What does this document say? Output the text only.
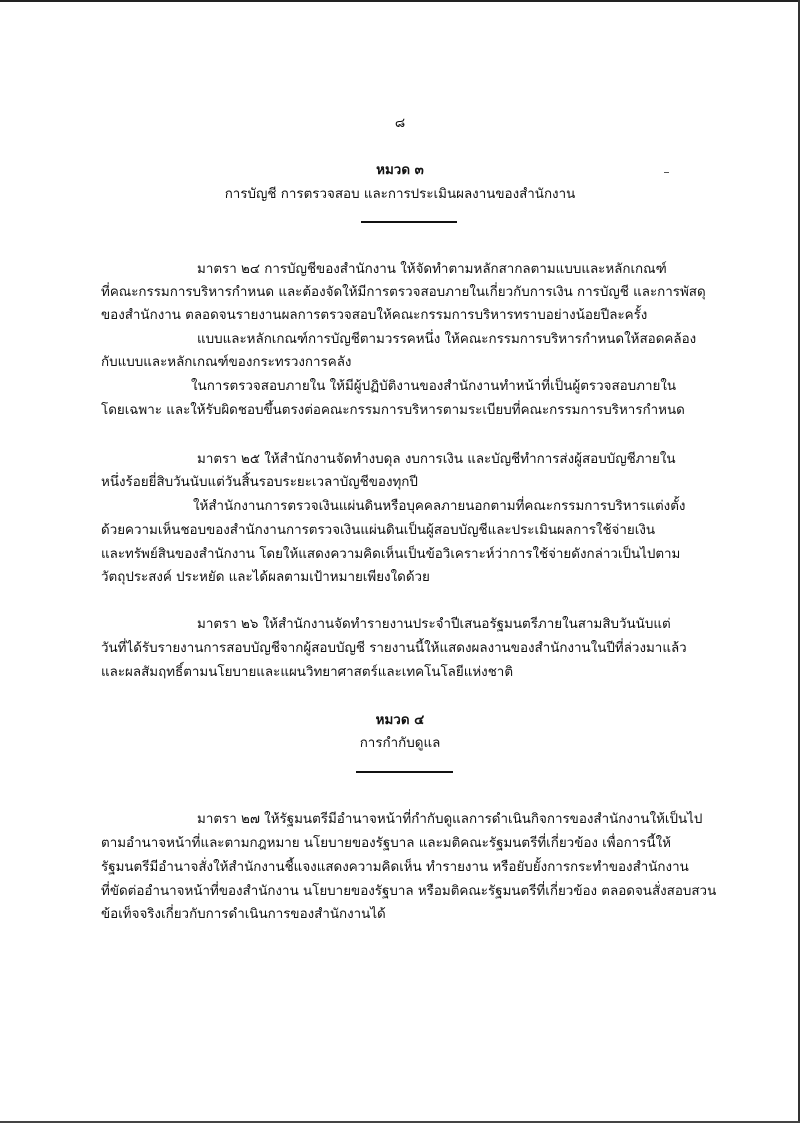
๘
หมวด ๓
การบัญชี การตรวจสอบ และการประเมินผลงานของสำนักงาน
มาตรา ๒๔ การบัญชีของสำนักงาน ให้จัดทำตามหลักสากลตามแบบและหลักเกณฑ์
ที่คณะกรรมการบริหารกำหนด และต้องจัดให้มีการตรวจสอบภายในเกี่ยวกับการเงิน การบัญชี และการพัสดุ
ของสำนักงาน ตลอดจนรายงานผลการตรวจสอบให้คณะกรรมการบริหารทราบอย่างน้อยปีละครั้ง
แบบและหลักเกณฑ์การบัญชีตามวรรคหนึ่ง ให้คณะกรรมการบริหารกำหนดให้สอดคล้อง
กับแบบและหลักเกณฑ์ของกระทรวงการคลัง
ในการตรวจสอบภายใน ให้มีผู้ปฏิบัติงานของสำนักงานทำหน้าที่เป็นผู้ตรวจสอบภายใน
โดยเฉพาะ และให้รับผิดชอบขึ้นตรงต่อคณะกรรมการบริหารตามระเบียบที่คณะกรรมการบริหารกำหนด
มาตรา ๒๕ ให้สำนักงานจัดทำงบดุล งบการเงิน และบัญชีทำการส่งผู้สอบบัญชีภายใน
หนึ่งร้อยยี่สิบวันนับแต่วันสิ้นรอบระยะเวลาบัญชีของทุกปี
ให้สำนักงานการตรวจเงินแผ่นดินหรือบุคคลภายนอกตามที่คณะกรรมการบริหารแต่งตั้ง
ด้วยความเห็นชอบของสำนักงานการตรวจเงินแผ่นดินเป็นผู้สอบบัญชีและประเมินผลการใช้จ่ายเงิน
และทรัพย์สินของสำนักงาน โดยให้แสดงความคิดเห็นเป็นข้อวิเคราะห์ว่าการใช้จ่ายดังกล่าวเป็นไปตาม
วัตถุประสงค์ ประหยัด และได้ผลตามเป้าหมายเพียงใดด้วย
มาตรา ๒๖ ให้สำนักงานจัดทำรายงานประจำปีเสนอรัฐมนตรีภายในสามสิบวันนับแต่
วันที่ได้รับรายงานการสอบบัญชีจากผู้สอบบัญชี รายงานนี้ให้แสดงผลงานของสำนักงานในปีที่ล่วงมาแล้ว
และผลสัมฤทธิ์ตามนโยบายและแผนวิทยาศาสตร์และเทคโนโลยีแห่งชาติ
หมวด ๔
การกำกับดูแล
มาตรา ๒๗ ให้รัฐมนตรีมีอำนาจหน้าที่กำกับดูแลการดำเนินกิจการของสำนักงานให้เป็นไป
ตามอำนาจหน้าที่และตามกฎหมาย นโยบายของรัฐบาล และมติคณะรัฐมนตรีที่เกี่ยวข้อง เพื่อการนี้ให้
รัฐมนตรีมีอำนาจสั่งให้สำนักงานชี้แจงแสดงความคิดเห็น ทำรายงาน หรือยับยั้งการกระทำของสำนักงาน
ที่ขัดต่ออำนาจหน้าที่ของสำนักงาน นโยบายของรัฐบาล หรือมติคณะรัฐมนตรีที่เกี่ยวข้อง ตลอดจนสั่งสอบสวน
ข้อเท็จจริงเกี่ยวกับการดำเนินการของสำนักงานได้
